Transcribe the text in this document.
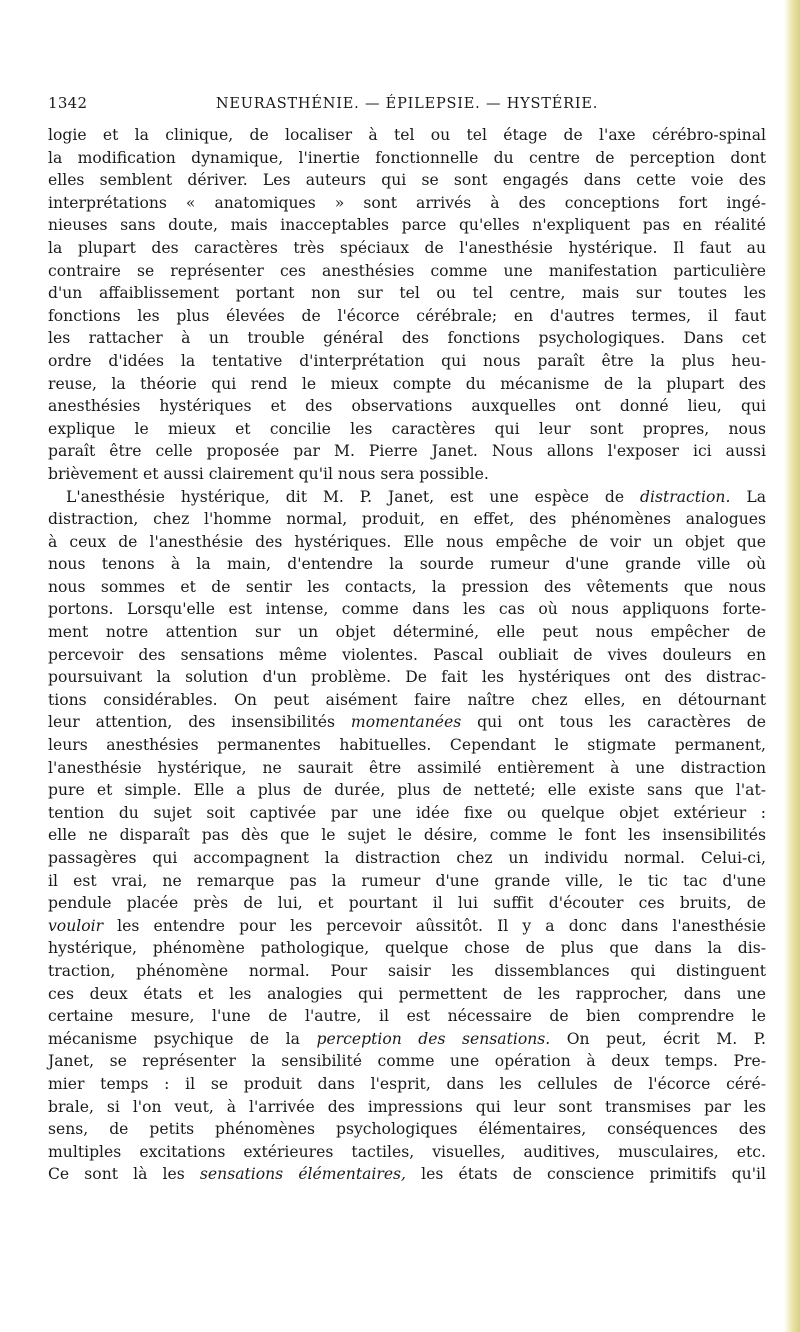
1342	NEURASTHÉNIE. — ÉPILEPSIE. — HYSTÉRIE.

logie et la clinique, de localiser à tel ou tel étage de l'axe cérébro-spinal

la modification dynamique, l'inertie fonctionnelle du centre de perception dont

elles semblent dériver. Les auteurs qui se sont engagés dans cette voie des

interprétations « anatomiques » sont arrivés à des conceptions fort ingé-

nieuses sans doute, mais inacceptables parce qu'elles n'expliquent pas en réalité

la plupart des caractères très spéciaux de l'anesthésie hystérique. Il faut au

contraire se représenter ces anesthésies comme une manifestation particulière

d'un affaiblissement portant non sur tel ou tel centre, mais sur toutes les

fonctions les plus élevées de l'écorce cérébrale; en d'autres termes, il faut

les rattacher à un trouble général des fonctions psychologiques. Dans cet

ordre d'idées la tentative d'interprétation qui nous paraît être la plus heu-

reuse, la théorie qui rend le mieux compte du mécanisme de la plupart des

anesthésies hystériques et des observations auxquelles ont donné lieu, qui

explique le mieux et concilie les caractères qui leur sont propres, nous

paraît être celle proposée par M. Pierre Janet. Nous allons l'exposer ici aussi

brièvement et aussi clairement qu'il nous sera possible.

L'anesthésie hystérique, dit M. P. Janet, est une espèce de distraction. La

distraction, chez l'homme normal, produit, en effet, des phénomènes analogues

à ceux de l'anesthésie des hystériques. Elle nous empêche de voir un objet que

nous tenons à la main, d'entendre la sourde rumeur d'une grande ville où

nous sommes et de sentir les contacts, la pression des vêtements que nous

portons. Lorsqu'elle est intense, comme dans les cas où nous appliquons forte-

ment notre attention sur un objet déterminé, elle peut nous empêcher de

percevoir des sensations même violentes. Pascal oubliait de vives douleurs en

poursuivant la solution d'un problème. De fait les hystériques ont des distrac-

tions considérables. On peut aisément faire naître chez elles, en détournant

leur attention, des insensibilités momentanées qui ont tous les caractères de

leurs anesthésies permanentes habituelles. Cependant le stigmate permanent,

l'anesthésie hystérique, ne saurait être assimilé entièrement à une distraction

pure et simple. Elle a plus de durée, plus de netteté; elle existe sans que l'at-

tention du sujet soit captivée par une idée fixe ou quelque objet extérieur :

elle ne disparaît pas dès que le sujet le désire, comme le font les insensibilités

passagères qui accompagnent la distraction chez un individu normal. Celui-ci,

il est vrai, ne remarque pas la rumeur d'une grande ville, le tic tac d'une

pendule placée près de lui, et pourtant il lui suffit d'écouter ces bruits, de

vouloir les entendre pour les percevoir aûssitôt. Il y a donc dans l'anesthésie

hystérique, phénomène pathologique, quelque chose de plus que dans la dis-

traction, phénomène normal. Pour saisir les dissemblances qui distinguent

ces deux états et les analogies qui permettent de les rapprocher, dans une

certaine mesure, l'une de l'autre, il est nécessaire de bien comprendre le

mécanisme psychique de la perception des sensations. On peut, écrit M. P.

Janet, se représenter la sensibilité comme une opération à deux temps. Pre-

mier temps : il se produit dans l'esprit, dans les cellules de l'écorce céré-

brale, si l'on veut, à l'arrivée des impressions qui leur sont transmises par les

sens, de petits phénomènes psychologiques élémentaires, conséquences des

multiples excitations extérieures tactiles, visuelles, auditives, musculaires, etc.

Ce sont là les sensations élémentaires, les états de conscience primitifs qu'il
